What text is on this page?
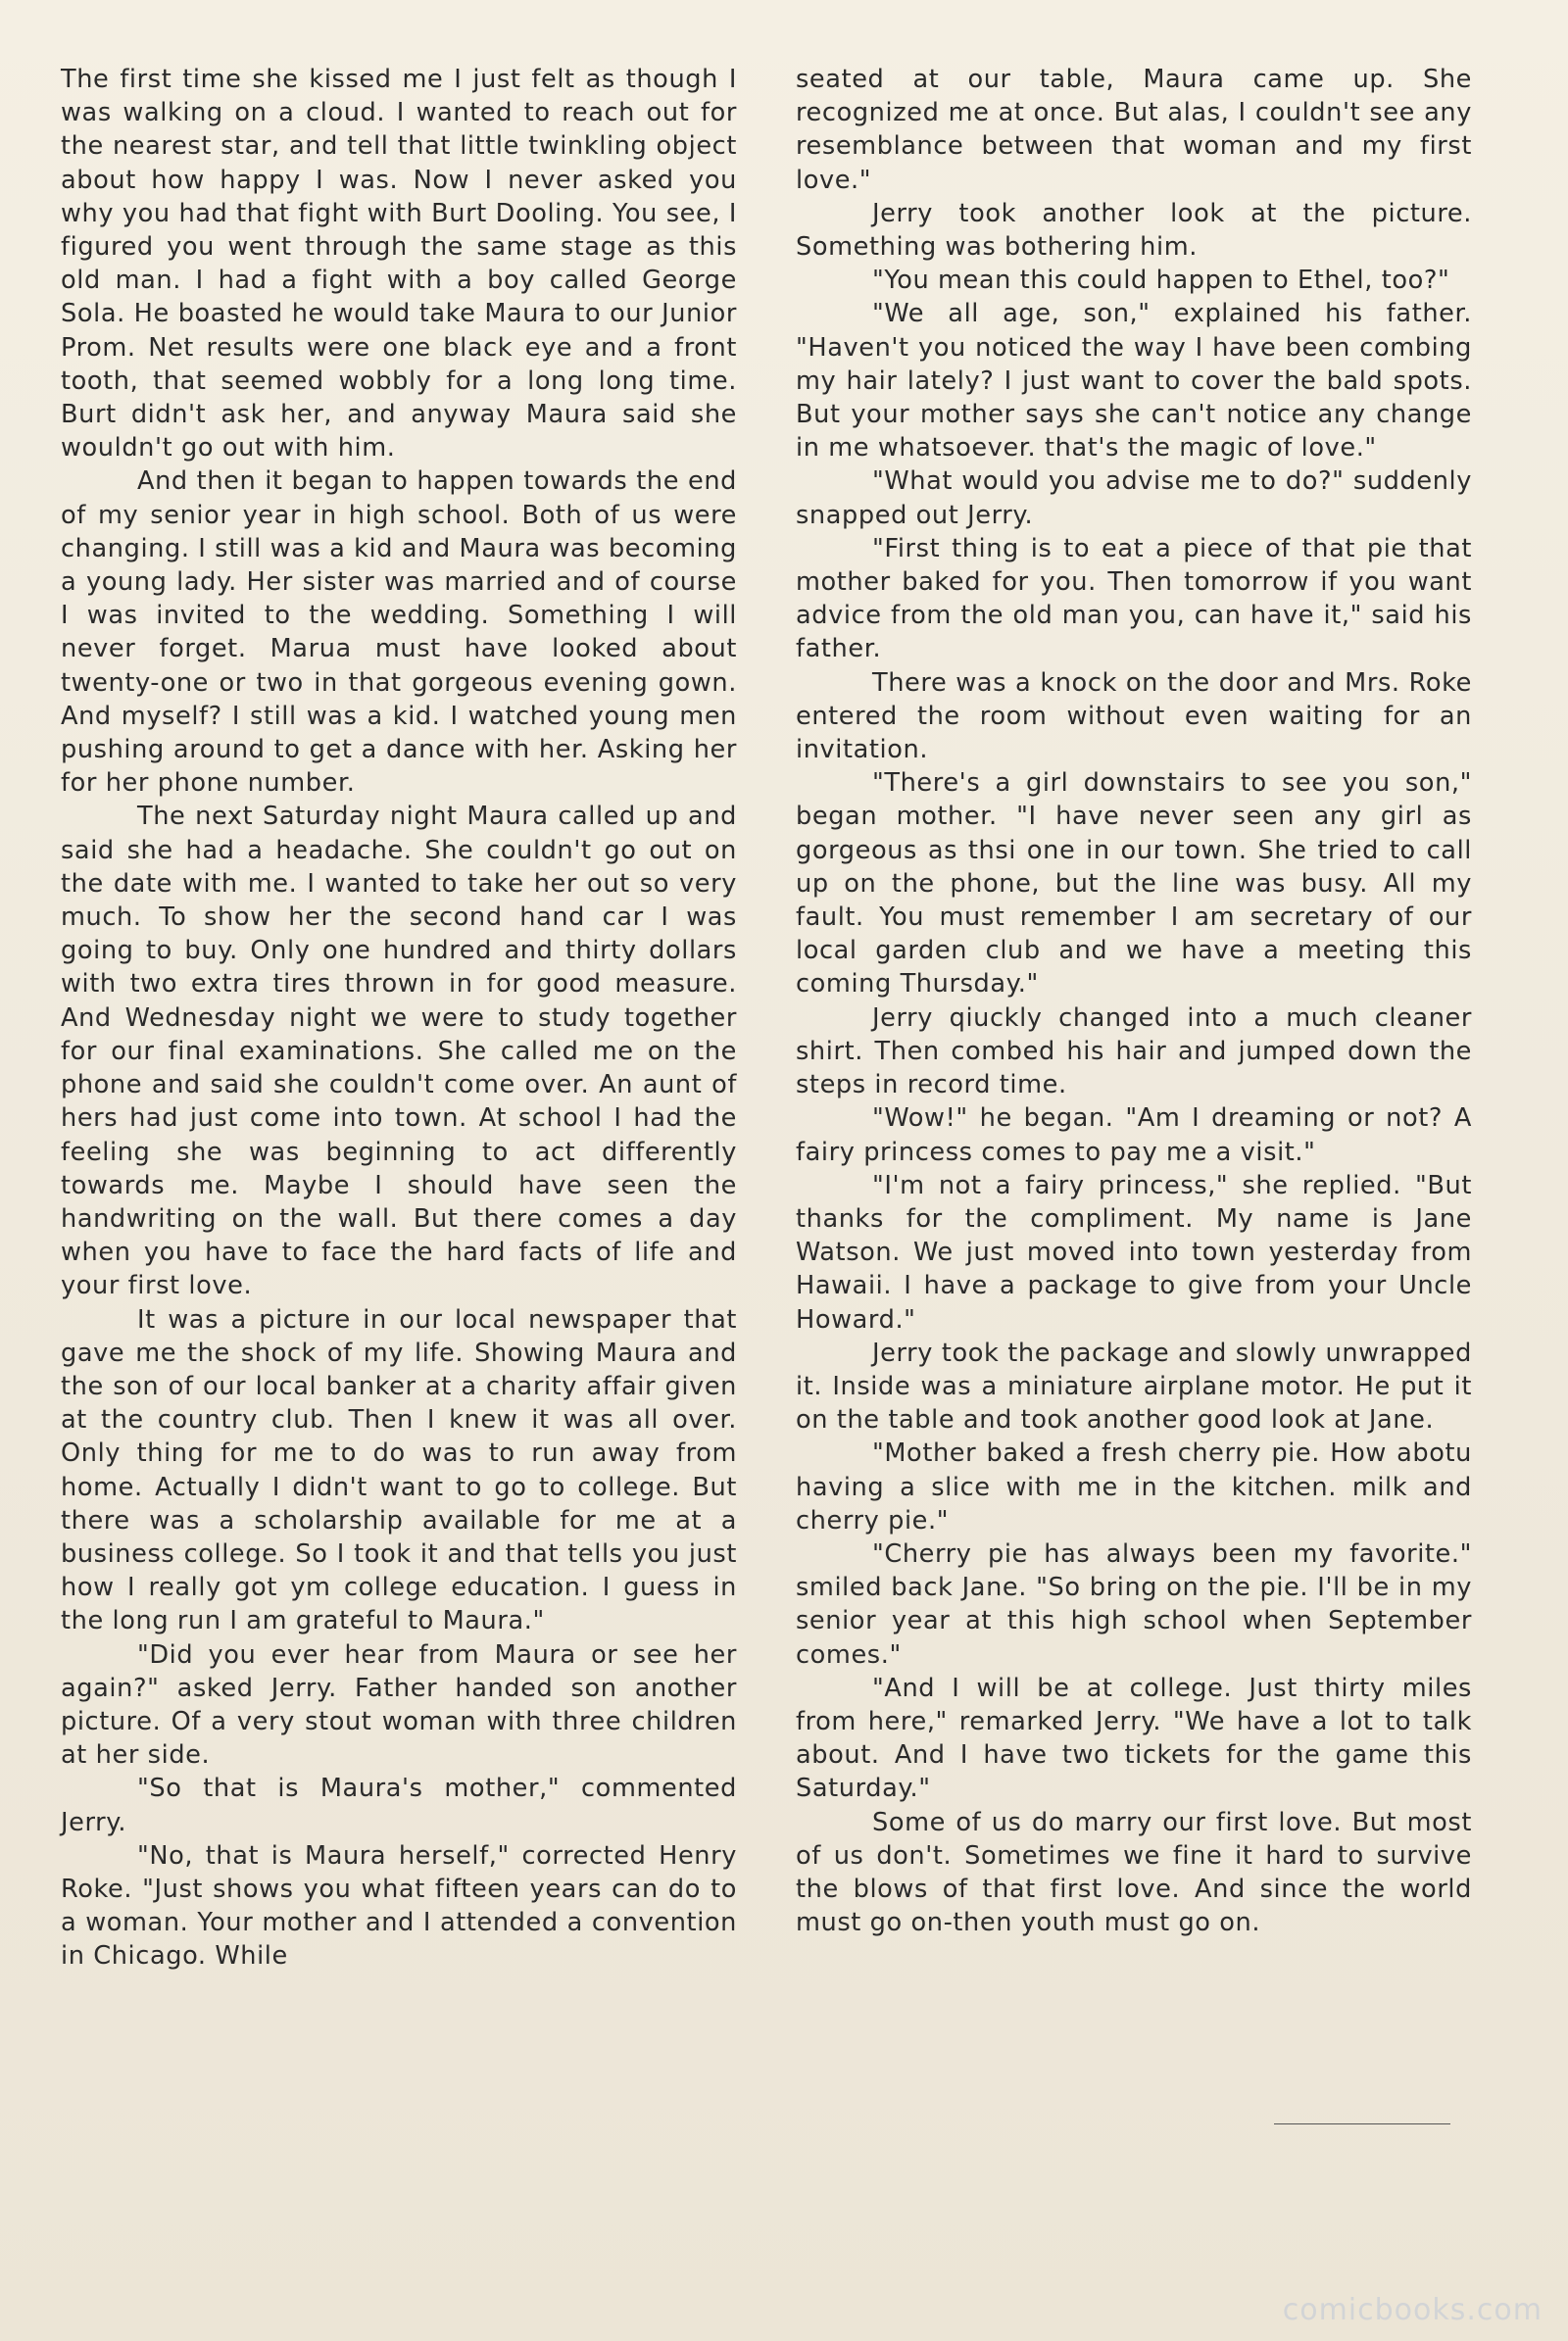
The first time she kissed me I just felt as though I was walking on a cloud. I wanted to reach out for the nearest star, and tell that little twinkling object about how happy I was. Now I never asked you why you had that fight with Burt Dooling. You see, I figured you went through the same stage as this old man. I had a fight with a boy called George Sola. He boasted he would take Maura to our Junior Prom. Net results were one black eye and a front tooth, that seemed wobbly for a long long time. Burt didn't ask her, and anyway Maura said she wouldn't go out with him.

And then it began to happen towards the end of my senior year in high school. Both of us were changing. I still was a kid and Maura was becoming a young lady. Her sister was married and of course I was invited to the wedding. Something I will never forget. Marua must have looked about twenty-one or two in that gorgeous evening gown. And myself? I still was a kid. I watched young men pushing around to get a dance with her. Asking her for her phone number.

The next Saturday night Maura called up and said she had a headache. She couldn't go out on the date with me. I wanted to take her out so very much. To show her the second hand car I was going to buy. Only one hundred and thirty dollars with two extra tires thrown in for good measure. And Wednesday night we were to study together for our final examinations. She called me on the phone and said she couldn't come over. An aunt of hers had just come into town. At school I had the feeling she was beginning to act differently towards me. Maybe I should have seen the handwriting on the wall. But there comes a day when you have to face the hard facts of life and your first love.

It was a picture in our local newspaper that gave me the shock of my life. Showing Maura and the son of our local banker at a charity affair given at the country club. Then I knew it was all over. Only thing for me to do was to run away from home. Actually I didn't want to go to college. But there was a scholarship available for me at a business college. So I took it and that tells you just how I really got ym college education. I guess in the long run I am grateful to Maura."

"Did you ever hear from Maura or see her again?" asked Jerry. Father handed son another picture. Of a very stout woman with three children at her side.

"So that is Maura's mother," commented Jerry.

"No, that is Maura herself," corrected Henry Roke. "Just shows you what fifteen years can do to a woman. Your mother and I attended a convention in Chicago. While

seated at our table, Maura came up. She recognized me at once. But alas, I couldn't see any resemblance between that woman and my first love."

Jerry took another look at the picture. Something was bothering him.

"You mean this could happen to Ethel, too?"

"We all age, son," explained his father. "Haven't you noticed the way I have been combing my hair lately? I just want to cover the bald spots. But your mother says she can't notice any change in me whatsoever. that's the magic of love."

"What would you advise me to do?" suddenly snapped out Jerry.

"First thing is to eat a piece of that pie that mother baked for you. Then tomorrow if you want advice from the old man you, can have it," said his father.

There was a knock on the door and Mrs. Roke entered the room without even waiting for an invitation.

"There's a girl downstairs to see you son," began mother. "I have never seen any girl as gorgeous as thsi one in our town. She tried to call up on the phone, but the line was busy. All my fault. You must remember I am secretary of our local garden club and we have a meeting this coming Thursday."

Jerry qiuckly changed into a much cleaner shirt. Then combed his hair and jumped down the steps in record time.

"Wow!" he began. "Am I dreaming or not? A fairy princess comes to pay me a visit."

"I'm not a fairy princess," she replied. "But thanks for the compliment. My name is Jane Watson. We just moved into town yesterday from Hawaii. I have a package to give from your Uncle Howard."

Jerry took the package and slowly unwrapped it. Inside was a miniature airplane motor. He put it on the table and took another good look at Jane.

"Mother baked a fresh cherry pie. How abotu having a slice with me in the kitchen. milk and cherry pie."

"Cherry pie has always been my favorite." smiled back Jane. "So bring on the pie. I'll be in my senior year at this high school when September comes."

"And I will be at college. Just thirty miles from here," remarked Jerry. "We have a lot to talk about. And I have two tickets for the game this Saturday."

Some of us do marry our first love. But most of us don't. Sometimes we fine it hard to survive the blows of that first love. And since the world must go on-then youth must go on.

comicbooks.com
